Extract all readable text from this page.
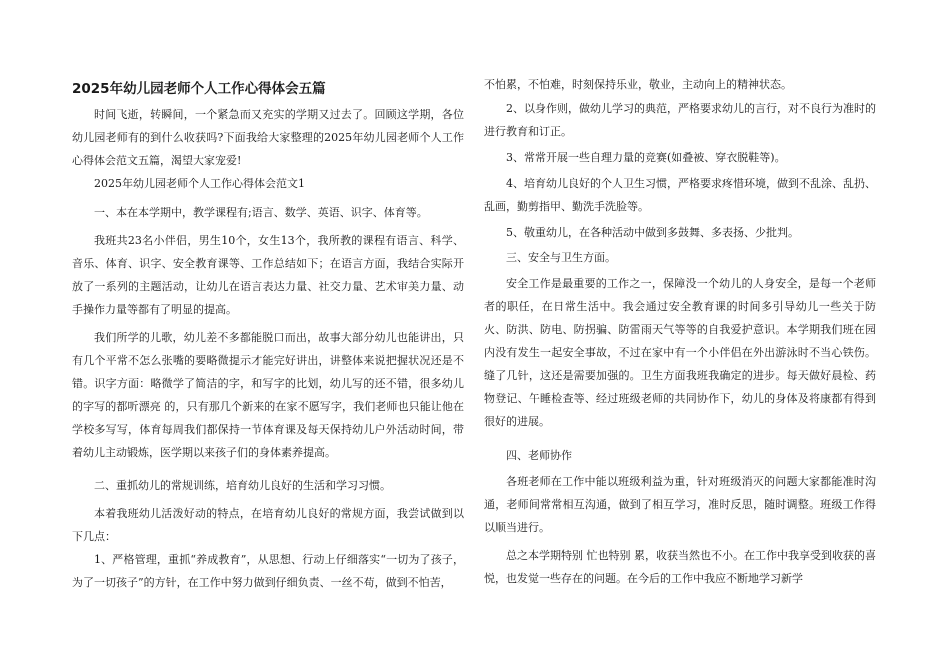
2025年幼儿园老师个人工作心得体会五篇

时间飞逝，转瞬间，一个紧急而又充实的学期又过去了。回顾这学期，各位幼儿园老师有的到什么收获吗?下面我给大家整理的2025年幼儿园老师个人工作心得体会范文五篇，渴望大家宠爱!

2025年幼儿园老师个人工作心得体会范文1

一、本在本学期中，教学课程有;语言、数学、英语、识字、体育等。

我班共23名小伴侣，男生10个，女生13个，我所教的课程有语言、科学、音乐、体育、识字、安全教育课等、工作总结如下；在语言方面，我结合实际开放了一系列的主题活动，让幼儿在语言表达力量、社交力量、艺术审美力量、动手操作力量等都有了明显的提高。

我们所学的儿歌，幼儿差不多都能脱口而出，故事大部分幼儿也能讲出，只有几个平常不怎么张嘴的要略微提示才能完好讲出，讲整体来说把握状况还是不错。识字方面：略微学了简洁的字，和写字的比划，幼儿写的还不错，很多幼儿的字写的都听漂亮 的，只有那几个新来的在家不愿写字，我们老师也只能让他在学校多写写，体育每周我们都保持一节体育课及每天保持幼儿户外活动时间，带着幼儿主动锻炼，医学期以来孩子们的身体素养提高。

二、重抓幼儿的常规训练，培育幼儿良好的生活和学习习惯。

本着我班幼儿活泼好动的特点，在培育幼儿良好的常规方面，我尝试做到以下几点：

1、严格管理，重抓“养成教育”，从思想、行动上仔细落实“一切为了孩子，为了一切孩子”的方针，在工作中努力做到仔细负责、一丝不苟，做到不怕苦，

不怕累，不怕难，时刻保持乐业，敬业，主动向上的精神状态。

2、以身作则，做幼儿学习的典范，严格要求幼儿的言行，对不良行为准时的进行教育和订正。

3、常常开展一些自理力量的竞赛(如叠被、穿衣脱鞋等)。

4、培育幼儿良好的个人卫生习惯，严格要求疼惜环境，做到不乱涂、乱扔、乱画，勤剪指甲、勤洗手洗脸等。

5、敬重幼儿，在各种活动中做到多鼓舞、多表扬、少批判。

三、安全与卫生方面。

安全工作是最重要的工作之一，保障没一个幼儿的人身安全，是每一个老师者的职任，在日常生活中。我会通过安全教育课的时间多引导幼儿一些关于防火、防洪、防电、防拐骗、防雷雨天气等等的自我爱护意识。本学期我们班在园内没有发生一起安全事故，不过在家中有一个小伴侣在外出游泳时不当心铁伤。缝了几针，这还是需要加强的。卫生方面我班我确定的进步。每天做好晨检、药物登记、午睡检查等、经过班级老师的共同协作下，幼儿的身体及将康都有得到很好的进展。

四、老师协作

各班老师在工作中能以班级利益为重，针对班级消灭的问题大家都能准时沟通，老师间常常相互沟通，做到了相互学习，准时反思，随时调整。班级工作得以顺当进行。

总之本学期特别 忙也特别 累，收获当然也不小。在工作中我享受到收获的喜悦，也发觉一些存在的问题。在今后的工作中我应不断地学习新学
